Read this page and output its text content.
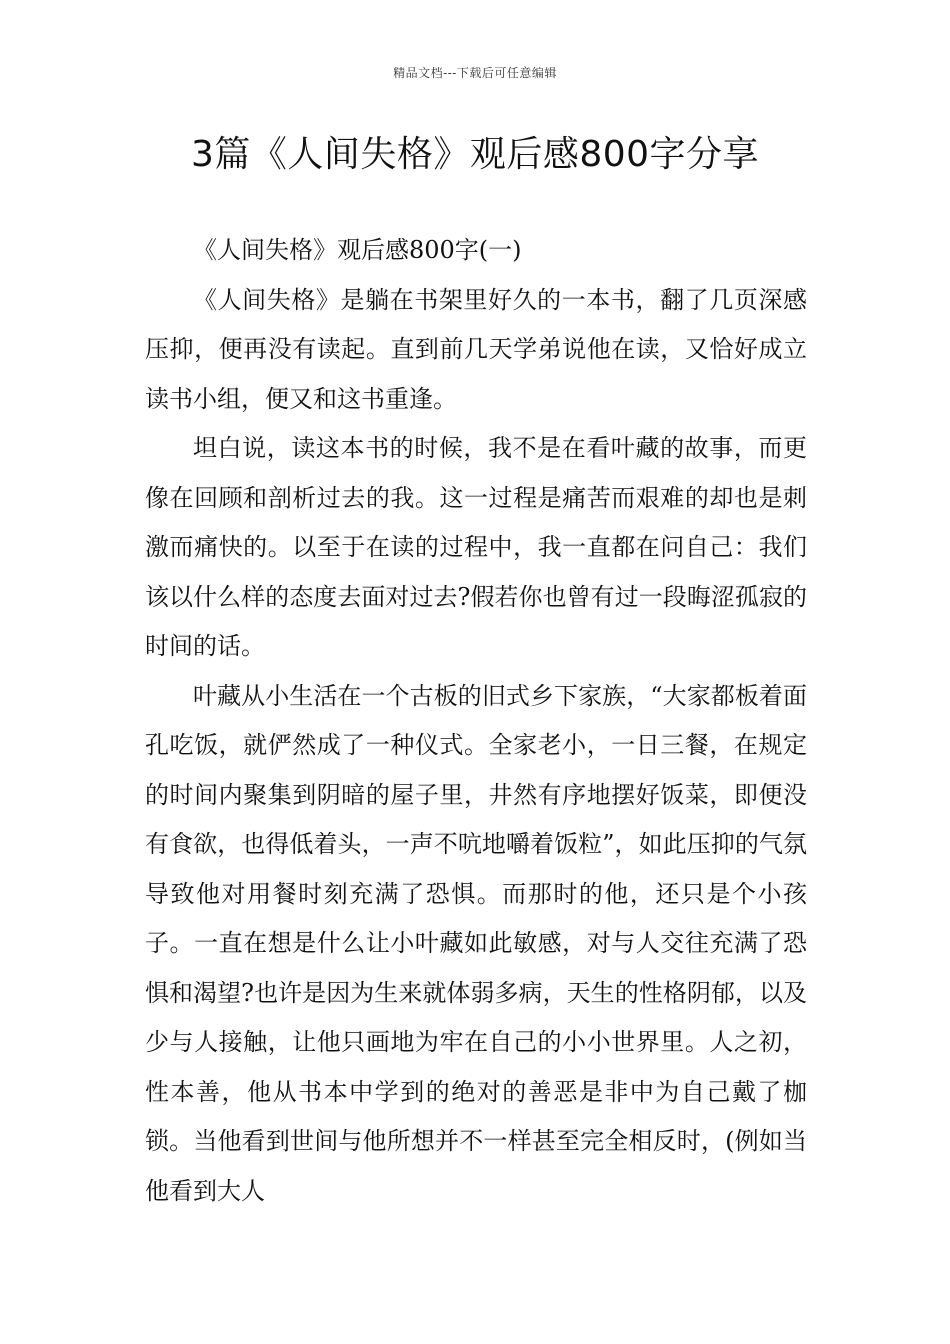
精品文档---下载后可任意编辑
3篇《人间失格》观后感800字分享

《人间失格》观后感800字(一)

《人间失格》是躺在书架里好久的一本书，翻了几页深感压抑，便再没有读起。直到前几天学弟说他在读，又恰好成立读书小组，便又和这书重逢。

坦白说，读这本书的时候，我不是在看叶藏的故事，而更像在回顾和剖析过去的我。这一过程是痛苦而艰难的却也是刺激而痛快的。以至于在读的过程中，我一直都在问自己：我们该以什么样的态度去面对过去?假若你也曾有过一段晦涩孤寂的时间的话。

叶藏从小生活在一个古板的旧式乡下家族，“大家都板着面孔吃饭，就俨然成了一种仪式。全家老小，一日三餐，在规定的时间内聚集到阴暗的屋子里，井然有序地摆好饭菜，即便没有食欲，也得低着头，一声不吭地嚼着饭粒”，如此压抑的气氛导致他对用餐时刻充满了恐惧。而那时的他，还只是个小孩子。一直在想是什么让小叶藏如此敏感，对与人交往充满了恐惧和渴望?也许是因为生来就体弱多病，天生的性格阴郁，以及少与人接触，让他只画地为牢在自己的小小世界里。人之初，性本善，他从书本中学到的绝对的善恶是非中为自己戴了枷锁。当他看到世间与他所想并不一样甚至完全相反时，(例如当他看到大人
